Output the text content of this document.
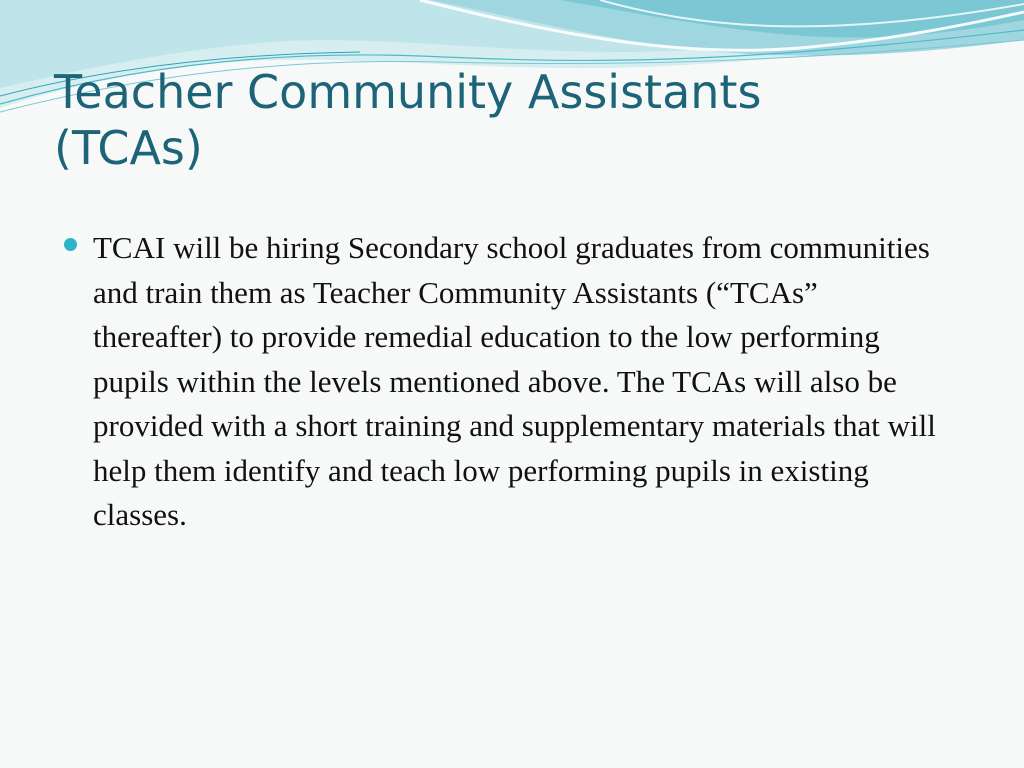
Teacher Community Assistants
(TCAs)
TCAI will be hiring Secondary school graduates from communities and train them as Teacher Community Assistants (“TCAs” thereafter) to provide remedial education to the low performing pupils within the levels mentioned above. The TCAs will also be provided with a short training and supplementary materials that will help them identify and teach low performing pupils in existing classes.
